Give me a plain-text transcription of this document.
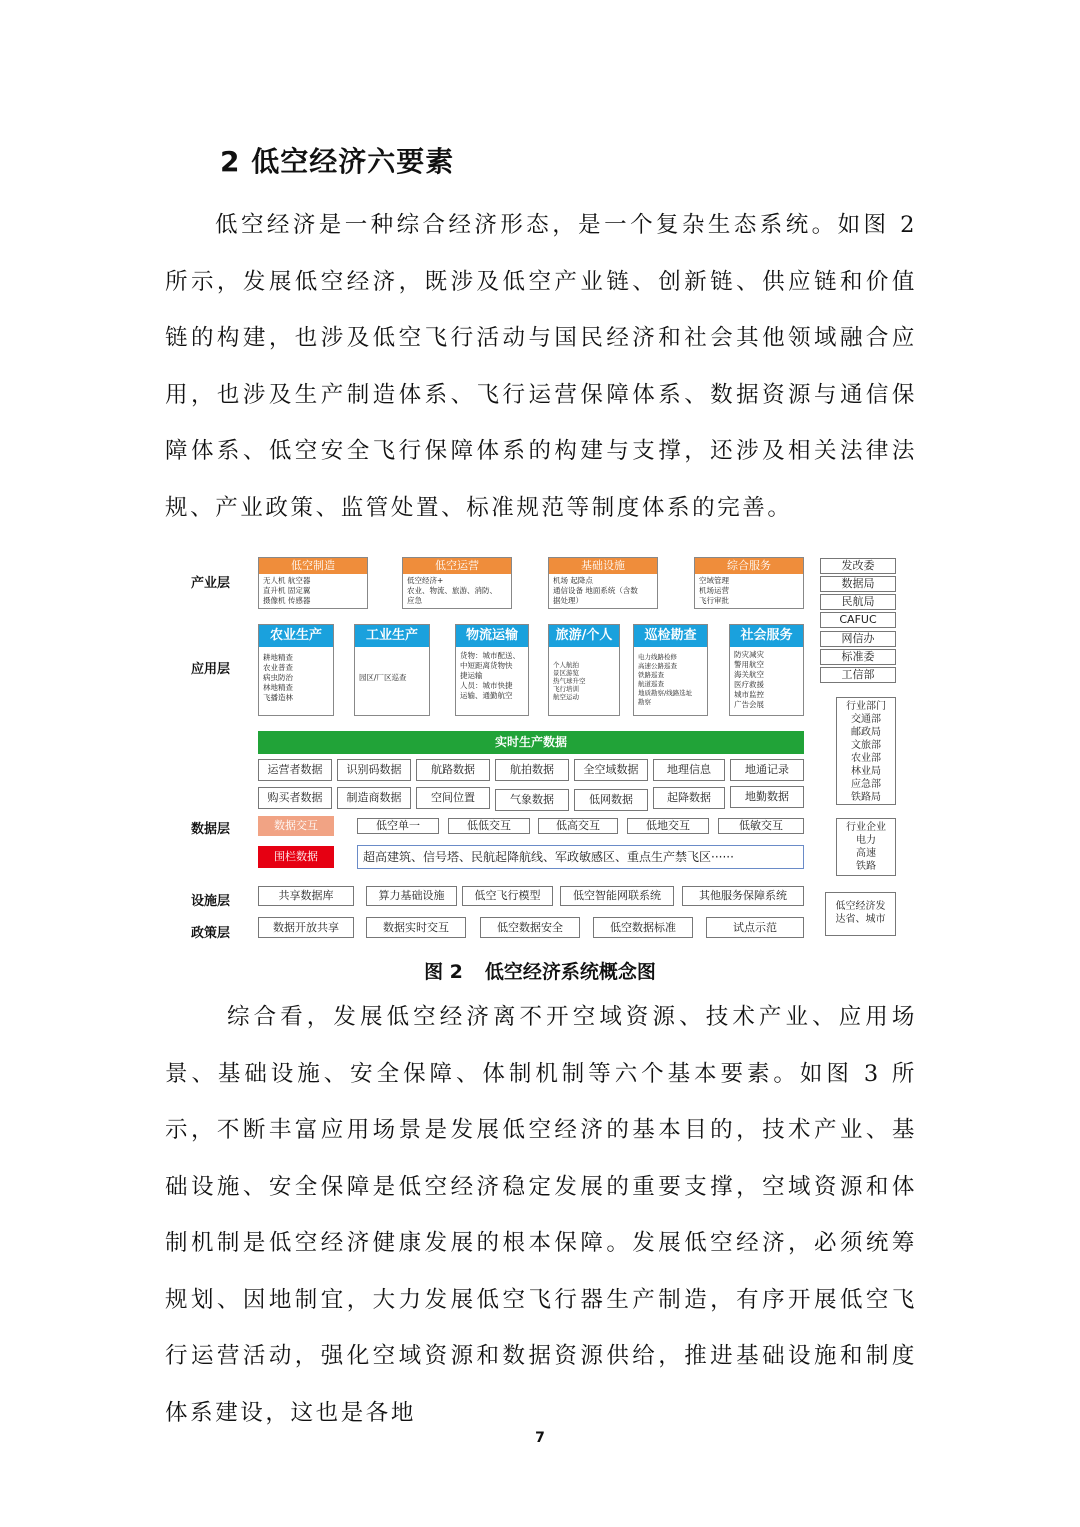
2 低空经济六要素

低空经济是一种综合经济形态，是一个复杂生态系统。如图 2 所示，发展低空经济，既涉及低空产业链、创新链、供应链和价值链的构建，也涉及低空飞行活动与国民经济和社会其他领域融合应用，也涉及生产制造体系、飞行运营保障体系、数据资源与通信保障体系、低空安全飞行保障体系的构建与支撑，还涉及相关法律法规、产业政策、监管处置、标准规范等制度体系的完善。

产业层
应用层
数据层
设施层
政策层
低空制造
无人机 航空器
直升机 固定翼
摄像机 传感器
低空运营
低空经济+
农业、物流、旅游、消防、
应急
基础设施
机场 起降点
通信设备 地面系统（含数
据处理）
综合服务
空域管理
机场运营
飞行审批
农业生产
耕地精查
农业普查
病虫防治
林地精查
飞播造林
工业生产
园区/厂区巡查
物流运输
货物：城市配送、
中短距离货物快
捷运输
人员：城市快捷
运输、通勤航空
旅游/个人
个人航拍
景区游览
热气球升空
飞行培训
航空运动
巡检勘查
电力线路检修
高速公路巡查
铁路巡查
航道巡查
地质勘察/线路选址
勘察
社会服务
防灾减灾
警用航空
海关航空
医疗救援
城市监控
广告会展
实时生产数据
运营者数据	识别码数据	航路数据	航拍数据	全空域数据	地理信息	地通记录
购买者数据	制造商数据	空间位置	气象数据	低网数据	起降数据	地勤数据
数据交互	低空单一	低低交互	低高交互	低地交互	低敏交互
围栏数据	超高建筑、信号塔、民航起降航线、军政敏感区、重点生产禁飞区······
共享数据库	算力基础设施	低空飞行模型	低空智能网联系统	其他服务保障系统
数据开放共享	数据实时交互	低空数据安全	低空数据标准	试点示范
发改委
数据局
民航局
CAFUC
网信办
标准委
工信部
行业部门
交通部
邮政局
文旅部
农业部
林业局
应急部
铁路局
行业企业
电力
高速
铁路
低空经济发
达省、城市
图 2 低空经济系统概念图

综合看，发展低空经济离不开空域资源、技术产业、应用场景、基础设施、安全保障、体制机制等六个基本要素。如图 3 所示，不断丰富应用场景是发展低空经济的基本目的，技术产业、基础设施、安全保障是低空经济稳定发展的重要支撑，空域资源和体制机制是低空经济健康发展的根本保障。发展低空经济，必须统筹规划、因地制宜，大力发展低空飞行器生产制造，有序开展低空飞行运营活动，强化空域资源和数据资源供给，推进基础设施和制度体系建设，这也是各地

7
